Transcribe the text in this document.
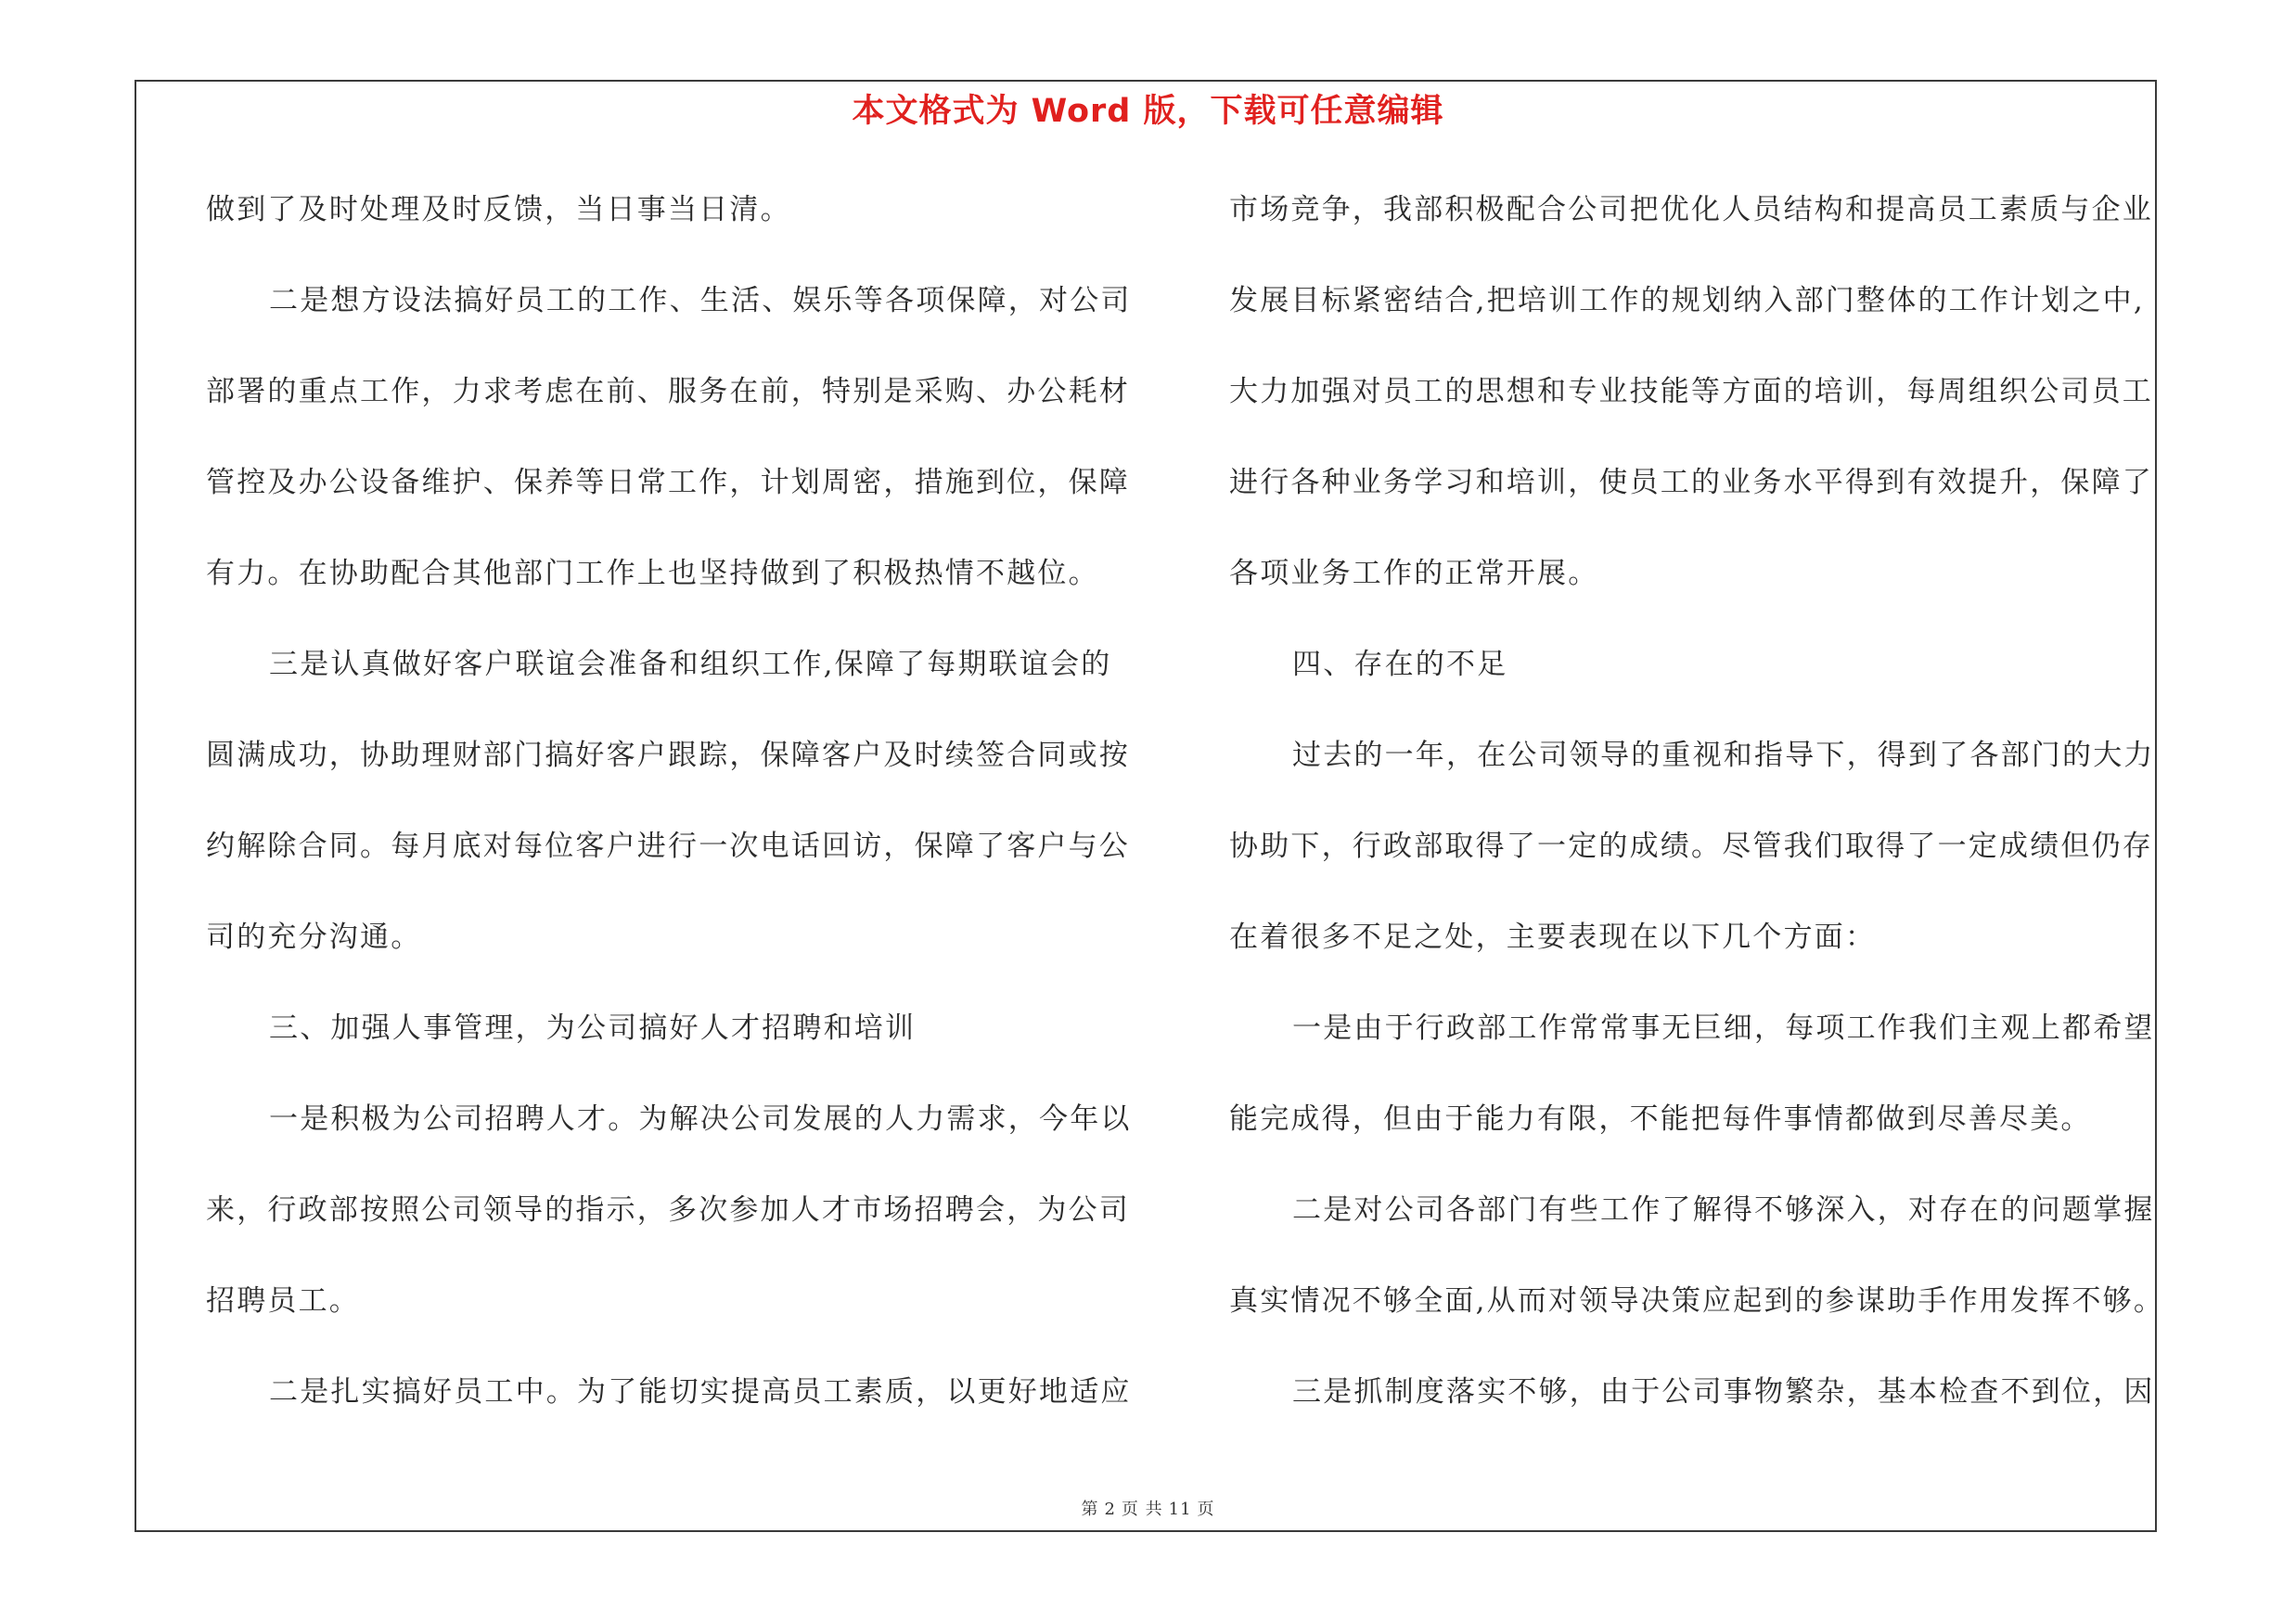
本文格式为 Word 版，下载可任意编辑
做到了及时处理及时反馈，当日事当日清。
二是想方设法搞好员工的工作、生活、娱乐等各项保障，对公司
部署的重点工作，力求考虑在前、服务在前，特别是采购、办公耗材
管控及办公设备维护、保养等日常工作，计划周密，措施到位，保障
有力。在协助配合其他部门工作上也坚持做到了积极热情不越位。
三是认真做好客户联谊会准备和组织工作,保障了每期联谊会的
圆满成功，协助理财部门搞好客户跟踪，保障客户及时续签合同或按
约解除合同。每月底对每位客户进行一次电话回访，保障了客户与公
司的充分沟通。
三、加强人事管理，为公司搞好人才招聘和培训
一是积极为公司招聘人才。为解决公司发展的人力需求，今年以
来，行政部按照公司领导的指示，多次参加人才市场招聘会，为公司
招聘员工。
二是扎实搞好员工中。为了能切实提高员工素质，以更好地适应
市场竞争，我部积极配合公司把优化人员结构和提高员工素质与企业
发展目标紧密结合,把培训工作的规划纳入部门整体的工作计划之中,
大力加强对员工的思想和专业技能等方面的培训，每周组织公司员工
进行各种业务学习和培训，使员工的业务水平得到有效提升，保障了
各项业务工作的正常开展。
四、存在的不足
过去的一年，在公司领导的重视和指导下，得到了各部门的大力
协助下，行政部取得了一定的成绩。尽管我们取得了一定成绩但仍存
在着很多不足之处，主要表现在以下几个方面：
一是由于行政部工作常常事无巨细，每项工作我们主观上都希望
能完成得，但由于能力有限，不能把每件事情都做到尽善尽美。
二是对公司各部门有些工作了解得不够深入，对存在的问题掌握
真实情况不够全面,从而对领导决策应起到的参谋助手作用发挥不够。
三是抓制度落实不够，由于公司事物繁杂，基本检查不到位，因
第 2 页 共 11 页
